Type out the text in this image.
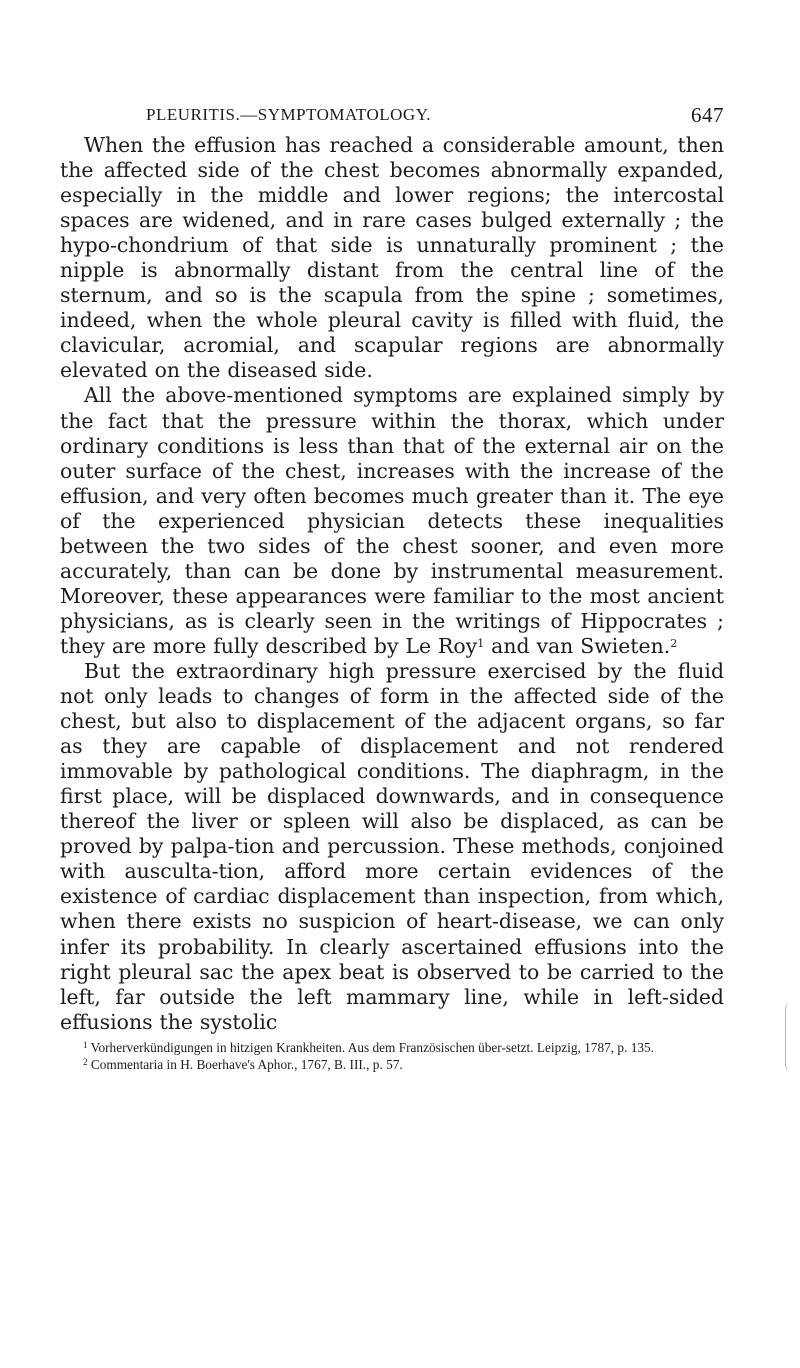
PLEURITIS.—SYMPTOMATOLOGY.	647

When the effusion has reached a considerable amount, then the affected side of the chest becomes abnormally expanded, especially in the middle and lower regions; the intercostal spaces are widened, and in rare cases bulged externally ; the hypo-chondrium of that side is unnaturally prominent ; the nipple is abnormally distant from the central line of the sternum, and so is the scapula from the spine ; sometimes, indeed, when the whole pleural cavity is filled with fluid, the clavicular, acromial, and scapular regions are abnormally elevated on the diseased side.

All the above-mentioned symptoms are explained simply by the fact that the pressure within the thorax, which under ordinary conditions is less than that of the external air on the outer surface of the chest, increases with the increase of the effusion, and very often becomes much greater than it. The eye of the experienced physician detects these inequalities between the two sides of the chest sooner, and even more accurately, than can be done by instrumental measurement. Moreover, these appearances were familiar to the most ancient physicians, as is clearly seen in the writings of Hippocrates ; they are more fully described by Le Roy$^1$ and van Swieten.$^2$

But the extraordinary high pressure exercised by the fluid not only leads to changes of form in the affected side of the chest, but also to displacement of the adjacent organs, so far as they are capable of displacement and not rendered immovable by pathological conditions. The diaphragm, in the first place, will be displaced downwards, and in consequence thereof the liver or spleen will also be displaced, as can be proved by palpa-tion and percussion. These methods, conjoined with ausculta-tion, afford more certain evidences of the existence of cardiac displacement than inspection, from which, when there exists no suspicion of heart-disease, we can only infer its probability. In clearly ascertained effusions into the right pleural sac the apex beat is observed to be carried to the left, far outside the left mammary line, while in left-sided effusions the systolic

$^1$ Vorherverkündigungen in hitzigen Krankheiten. Aus dem Französischen über-setzt. Leipzig, 1787, p. 135.

$^2$ Commentaria in H. Boerhave's Aphor., 1767, B. III., p. 57.
